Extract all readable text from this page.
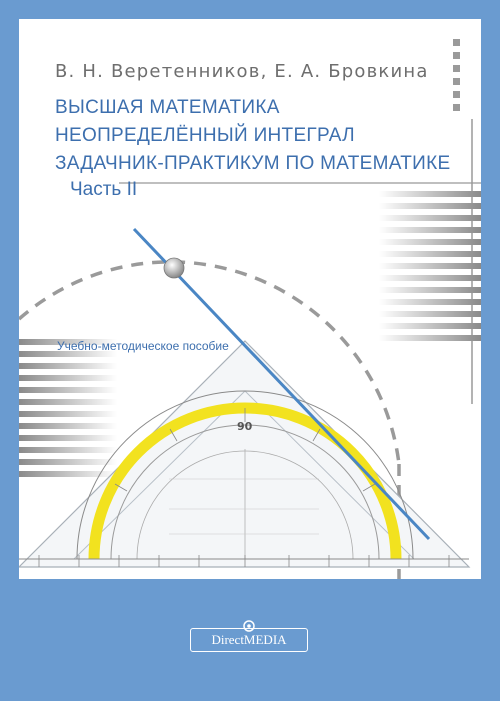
В. Н. Веретенников, Е. А. Бровкина
ВЫСШАЯ МАТЕМАТИКА
НЕОПРЕДЕЛЁННЫЙ ИНТЕГРАЛ
ЗАДАЧНИК-ПРАКТИКУМ ПО МАТЕМАТИКЕ
Часть II
Учебно-методическое пособие
90
DirectMEDIA
